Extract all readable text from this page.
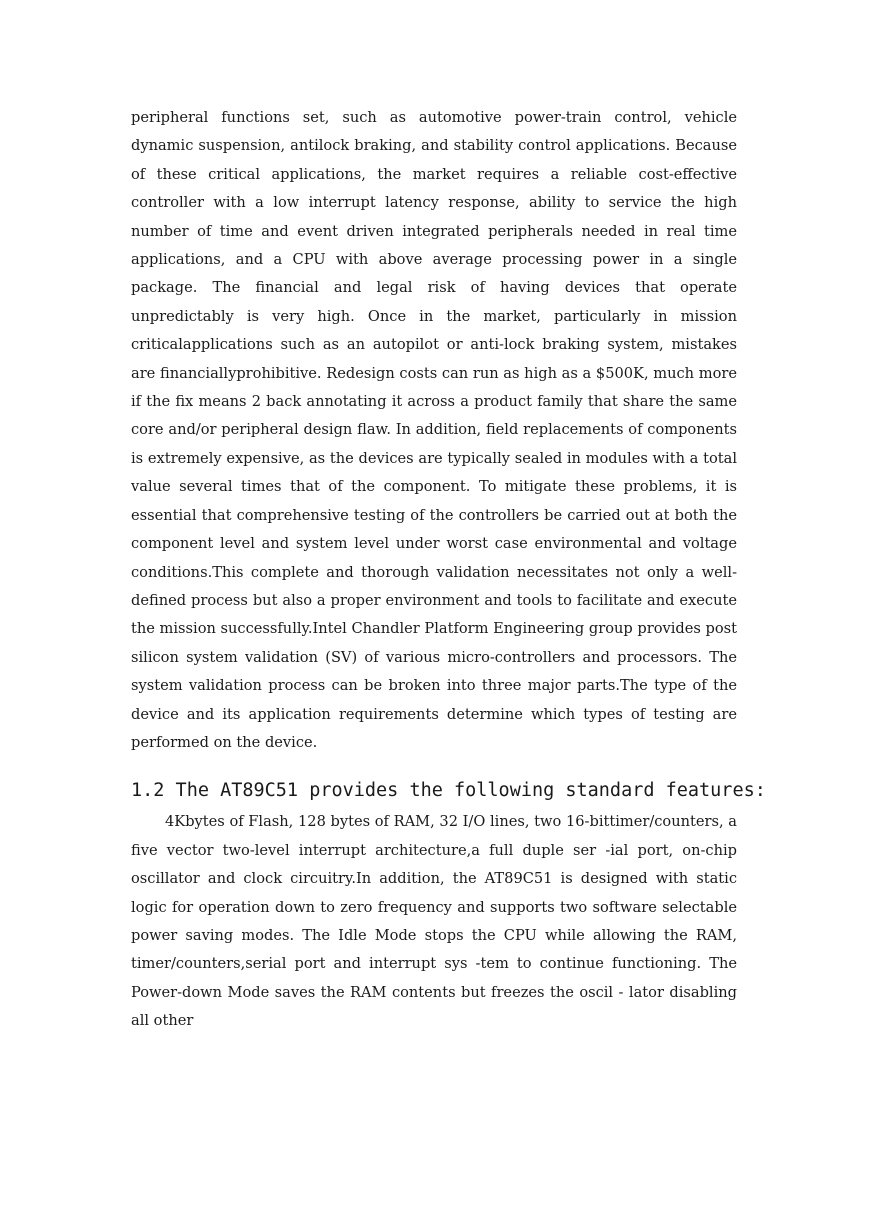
peripheral functions set, such as automotive power-train control, vehicle dynamic suspension, antilock braking, and stability control applications. Because of these critical applications, the market requires a reliable cost-effective controller with a low interrupt latency response, ability to service the high number of time and event driven integrated peripherals needed in real time applications, and a CPU with above average processing power in a single package. The financial and legal risk of having devices that operate unpredictably is very high. Once in the market, particularly in mission criticalapplications such as an autopilot or anti-lock braking system, mistakes are financiallyprohibitive. Redesign costs can run as high as a $500K, much more if the fix means 2 back annotating it across a product family that share the same core and/or peripheral design flaw. In addition, field replacements of components is extremely expensive, as the devices are typically sealed in modules with a total value several times that of the component. To mitigate these problems, it is essential that comprehensive testing of the controllers be carried out at both the component level and system level under worst case environmental and voltage conditions.This complete and thorough validation necessitates not only a well-defined process but also a proper environment and tools to facilitate and execute the mission successfully.Intel Chandler Platform Engineering group provides post silicon system validation (SV) of various micro-controllers and processors. The system validation process can be broken into three major parts.The type of the device and its application requirements determine which types of testing are performed on the device.

1.2 The AT89C51 provides the following standard features:

4Kbytes of Flash, 128 bytes of RAM, 32 I/O lines, two 16-bittimer/counters, a five vector two-level interrupt architecture,a full duple ser -ial port, on-chip oscillator and clock circuitry.In addition, the AT89C51 is designed with static logic for operation down to zero frequency and supports two software selectable power saving modes. The Idle Mode stops the CPU while allowing the RAM, timer/counters,serial port and interrupt sys -tem to continue functioning. The Power-down Mode saves the RAM contents but freezes the oscil - lator disabling all other
